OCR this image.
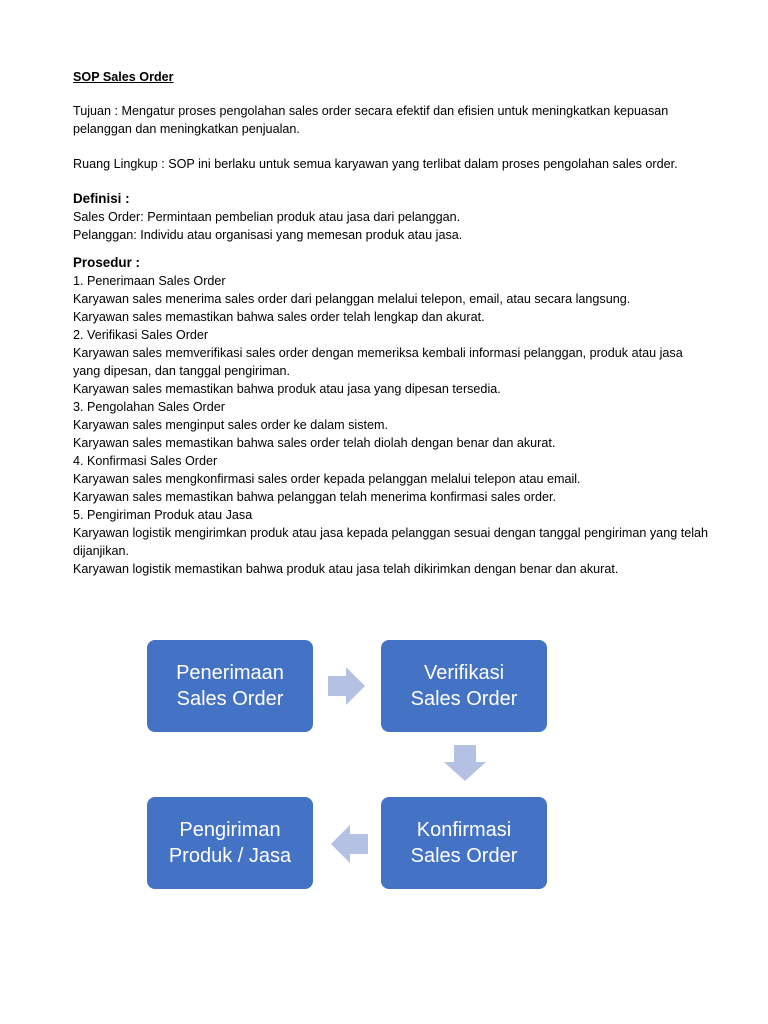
SOP Sales Order
Tujuan : Mengatur proses pengolahan sales order secara efektif dan efisien untuk meningkatkan kepuasan pelanggan dan meningkatkan penjualan.
Ruang Lingkup : SOP ini berlaku untuk semua karyawan yang terlibat dalam proses pengolahan sales order.
Definisi :
Sales Order: Permintaan pembelian produk atau jasa dari pelanggan.
Pelanggan: Individu atau organisasi yang memesan produk atau jasa.
Prosedur :
1. Penerimaan Sales Order
Karyawan sales menerima sales order dari pelanggan melalui telepon, email, atau secara langsung.
Karyawan sales memastikan bahwa sales order telah lengkap dan akurat.
2. Verifikasi Sales Order
Karyawan sales memverifikasi sales order dengan memeriksa kembali informasi pelanggan, produk atau jasa yang dipesan, dan tanggal pengiriman.
Karyawan sales memastikan bahwa produk atau jasa yang dipesan tersedia.
3. Pengolahan Sales Order
Karyawan sales menginput sales order ke dalam sistem.
Karyawan sales memastikan bahwa sales order telah diolah dengan benar dan akurat.
4. Konfirmasi Sales Order
Karyawan sales mengkonfirmasi sales order kepada pelanggan melalui telepon atau email.
Karyawan sales memastikan bahwa pelanggan telah menerima konfirmasi sales order.
5. Pengiriman Produk atau Jasa
Karyawan logistik mengirimkan produk atau jasa kepada pelanggan sesuai dengan tanggal pengiriman yang telah dijanjikan.
Karyawan logistik memastikan bahwa produk atau jasa telah dikirimkan dengan benar dan akurat.
Penerimaan
Sales Order
Verifikasi
Sales Order
Konfirmasi
Sales Order
Pengiriman
Produk / Jasa
